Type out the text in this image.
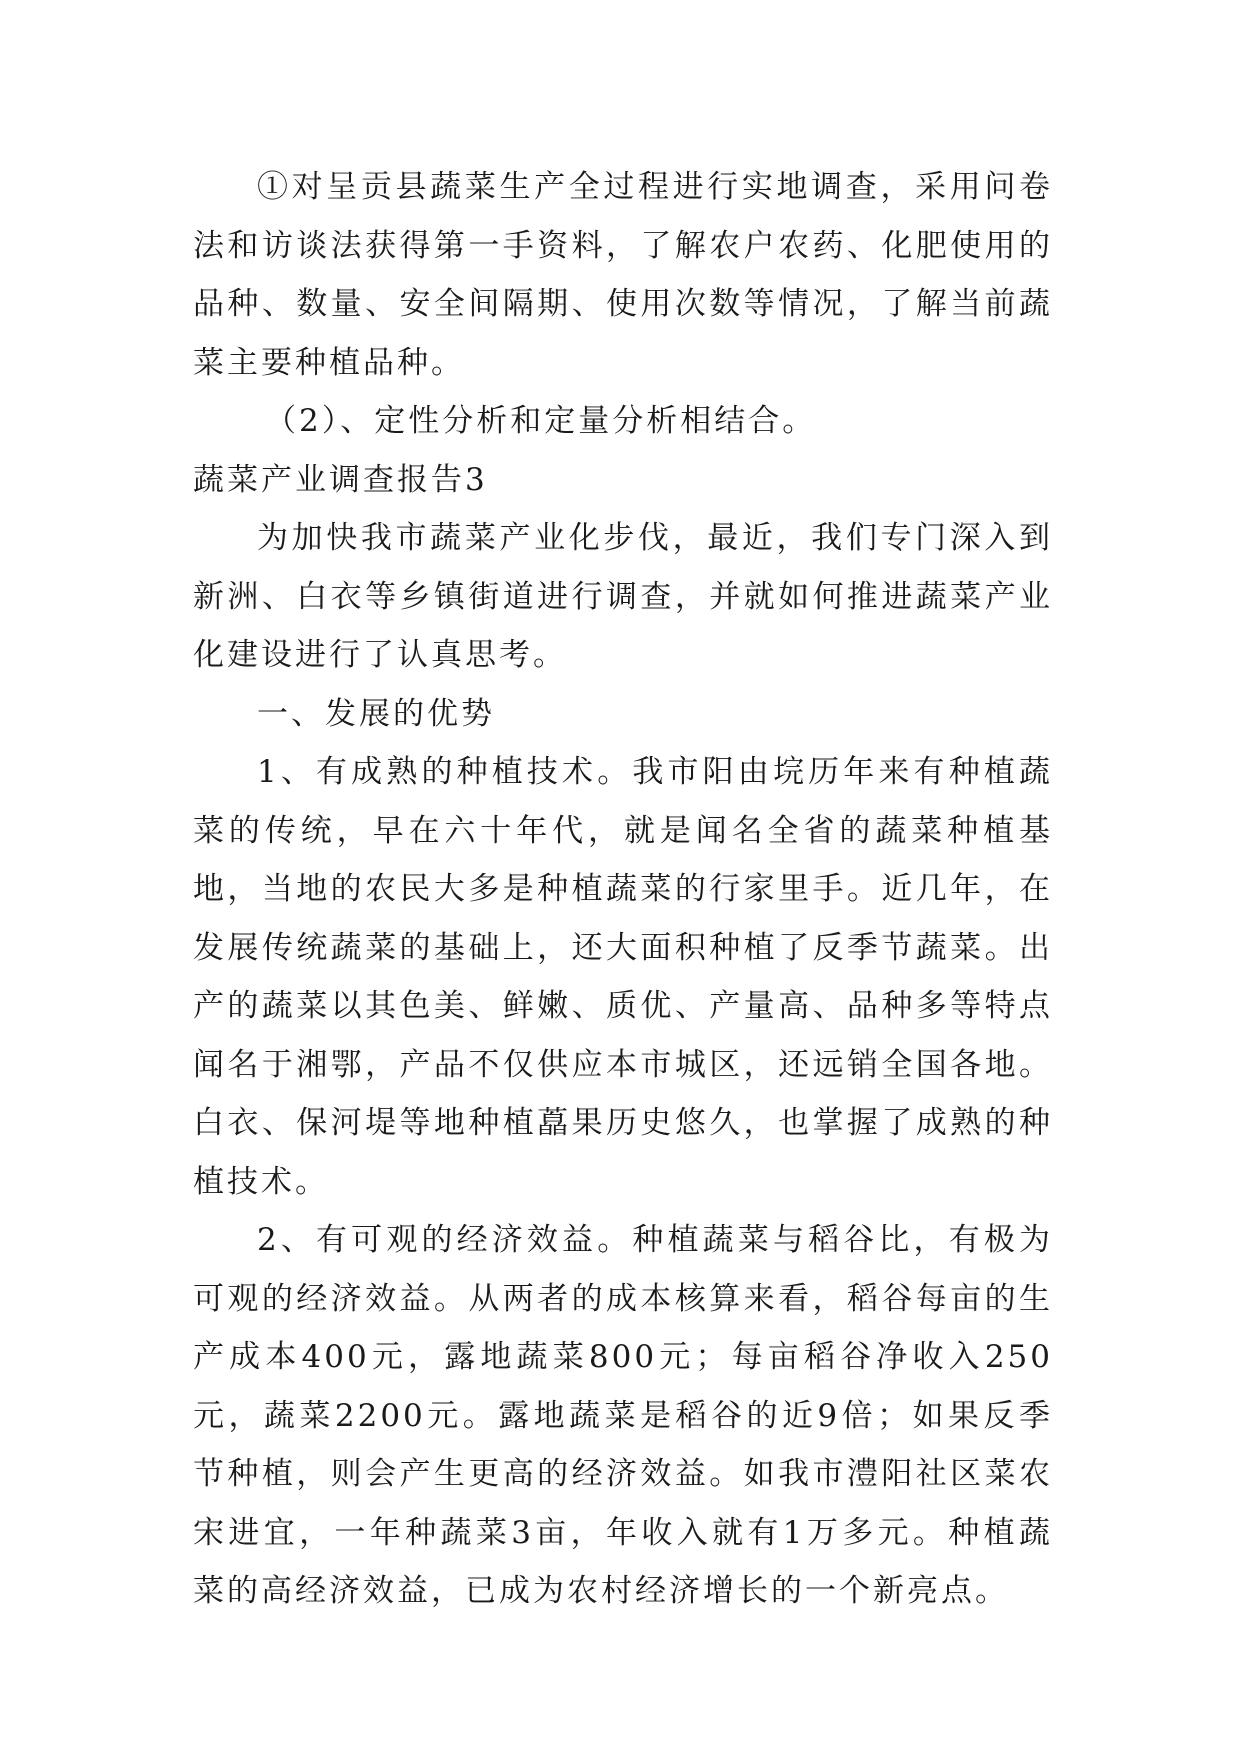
①对呈贡县蔬菜生产全过程进行实地调查，采用问卷法和访谈法获得第一手资料，了解农户农药、化肥使用的品种、数量、安全间隔期、使用次数等情况，了解当前蔬菜主要种植品种。

（2）、定性分析和定量分析相结合。

蔬菜产业调查报告3

为加快我市蔬菜产业化步伐，最近，我们专门深入到新洲、白衣等乡镇街道进行调查，并就如何推进蔬菜产业化建设进行了认真思考。

一、发展的优势

1、有成熟的种植技术。我市阳由垸历年来有种植蔬菜的传统，早在六十年代，就是闻名全省的蔬菜种植基地，当地的农民大多是种植蔬菜的行家里手。近几年，在发展传统蔬菜的基础上，还大面积种植了反季节蔬菜。出产的蔬菜以其色美、鲜嫩、质优、产量高、品种多等特点闻名于湘鄂，产品不仅供应本市城区，还远销全国各地。白衣、保河堤等地种植藠果历史悠久，也掌握了成熟的种植技术。

2、有可观的经济效益。种植蔬菜与稻谷比，有极为可观的经济效益。从两者的成本核算来看，稻谷每亩的生产成本400元，露地蔬菜800元；每亩稻谷净收入250元，蔬菜2200元。露地蔬菜是稻谷的近9倍；如果反季节种植，则会产生更高的经济效益。如我市澧阳社区菜农宋进宜，一年种蔬菜3亩，年收入就有1万多元。种植蔬菜的高经济效益，已成为农村经济增长的一个新亮点。
